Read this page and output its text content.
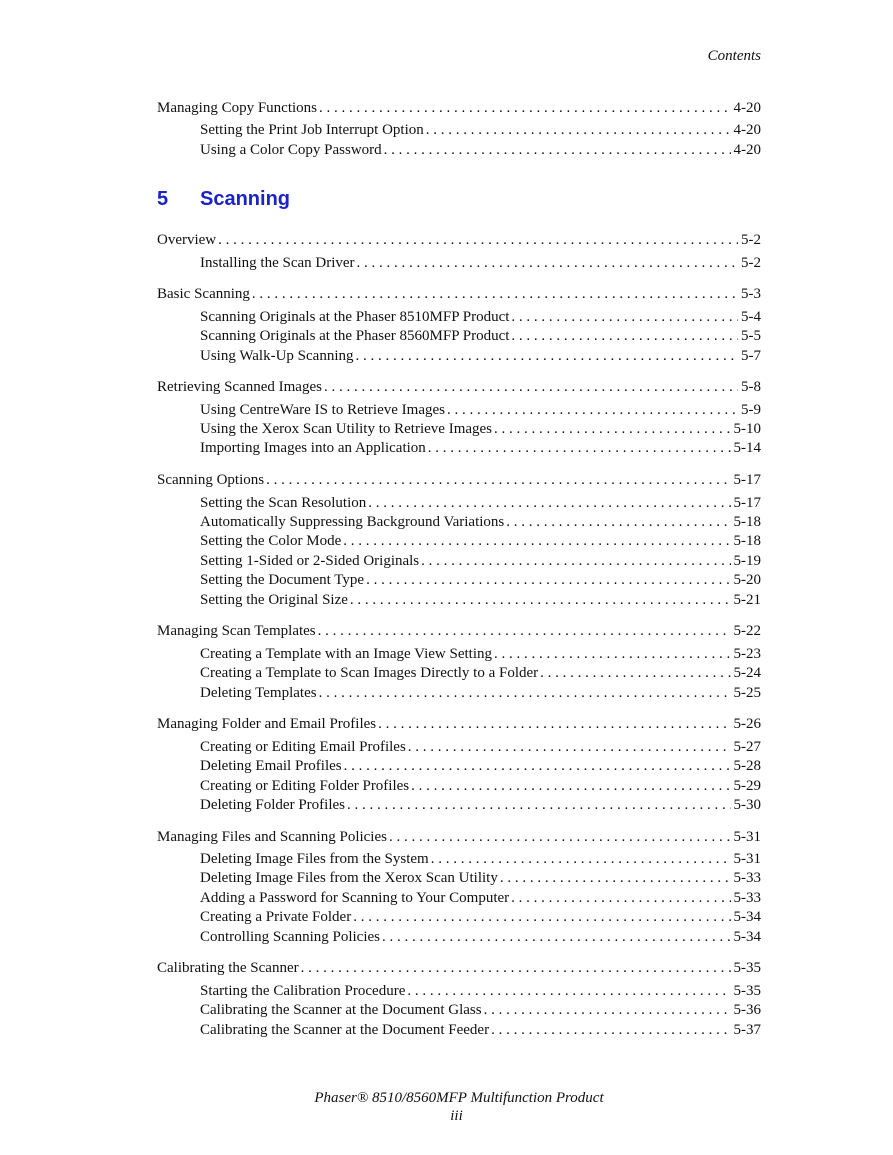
Contents
Managing Copy Functions . . .	4-20
Setting the Print Job Interrupt Option . . .	4-20
Using a Color Copy Password . . .	4-20
5	Scanning
Overview . . .	5-2
Installing the Scan Driver . . .	5-2
Basic Scanning . . .	5-3
Scanning Originals at the Phaser 8510MFP Product . . .	5-4
Scanning Originals at the Phaser 8560MFP Product . . .	5-5
Using Walk-Up Scanning . . .	5-7
Retrieving Scanned Images . . .	5-8
Using CentreWare IS to Retrieve Images . . .	5-9
Using the Xerox Scan Utility to Retrieve Images . . .	5-10
Importing Images into an Application . . .	5-14
Scanning Options . . .	5-17
Setting the Scan Resolution . . .	5-17
Automatically Suppressing Background Variations . . .	5-18
Setting the Color Mode . . .	5-18
Setting 1-Sided or 2-Sided Originals . . .	5-19
Setting the Document Type . . .	5-20
Setting the Original Size . . .	5-21
Managing Scan Templates . . .	5-22
Creating a Template with an Image View Setting . . .	5-23
Creating a Template to Scan Images Directly to a Folder . . .	5-24
Deleting Templates . . .	5-25
Managing Folder and Email Profiles . . .	5-26
Creating or Editing Email Profiles . . .	5-27
Deleting Email Profiles . . .	5-28
Creating or Editing Folder Profiles . . .	5-29
Deleting Folder Profiles . . .	5-30
Managing Files and Scanning Policies . . .	5-31
Deleting Image Files from the System . . .	5-31
Deleting Image Files from the Xerox Scan Utility . . .	5-33
Adding a Password for Scanning to Your Computer . . .	5-33
Creating a Private Folder . . .	5-34
Controlling Scanning Policies . . .	5-34
Calibrating the Scanner . . .	5-35
Starting the Calibration Procedure . . .	5-35
Calibrating the Scanner at the Document Glass . . .	5-36
Calibrating the Scanner at the Document Feeder . . .	5-37
Phaser® 8510/8560MFP Multifunction Product
iii
